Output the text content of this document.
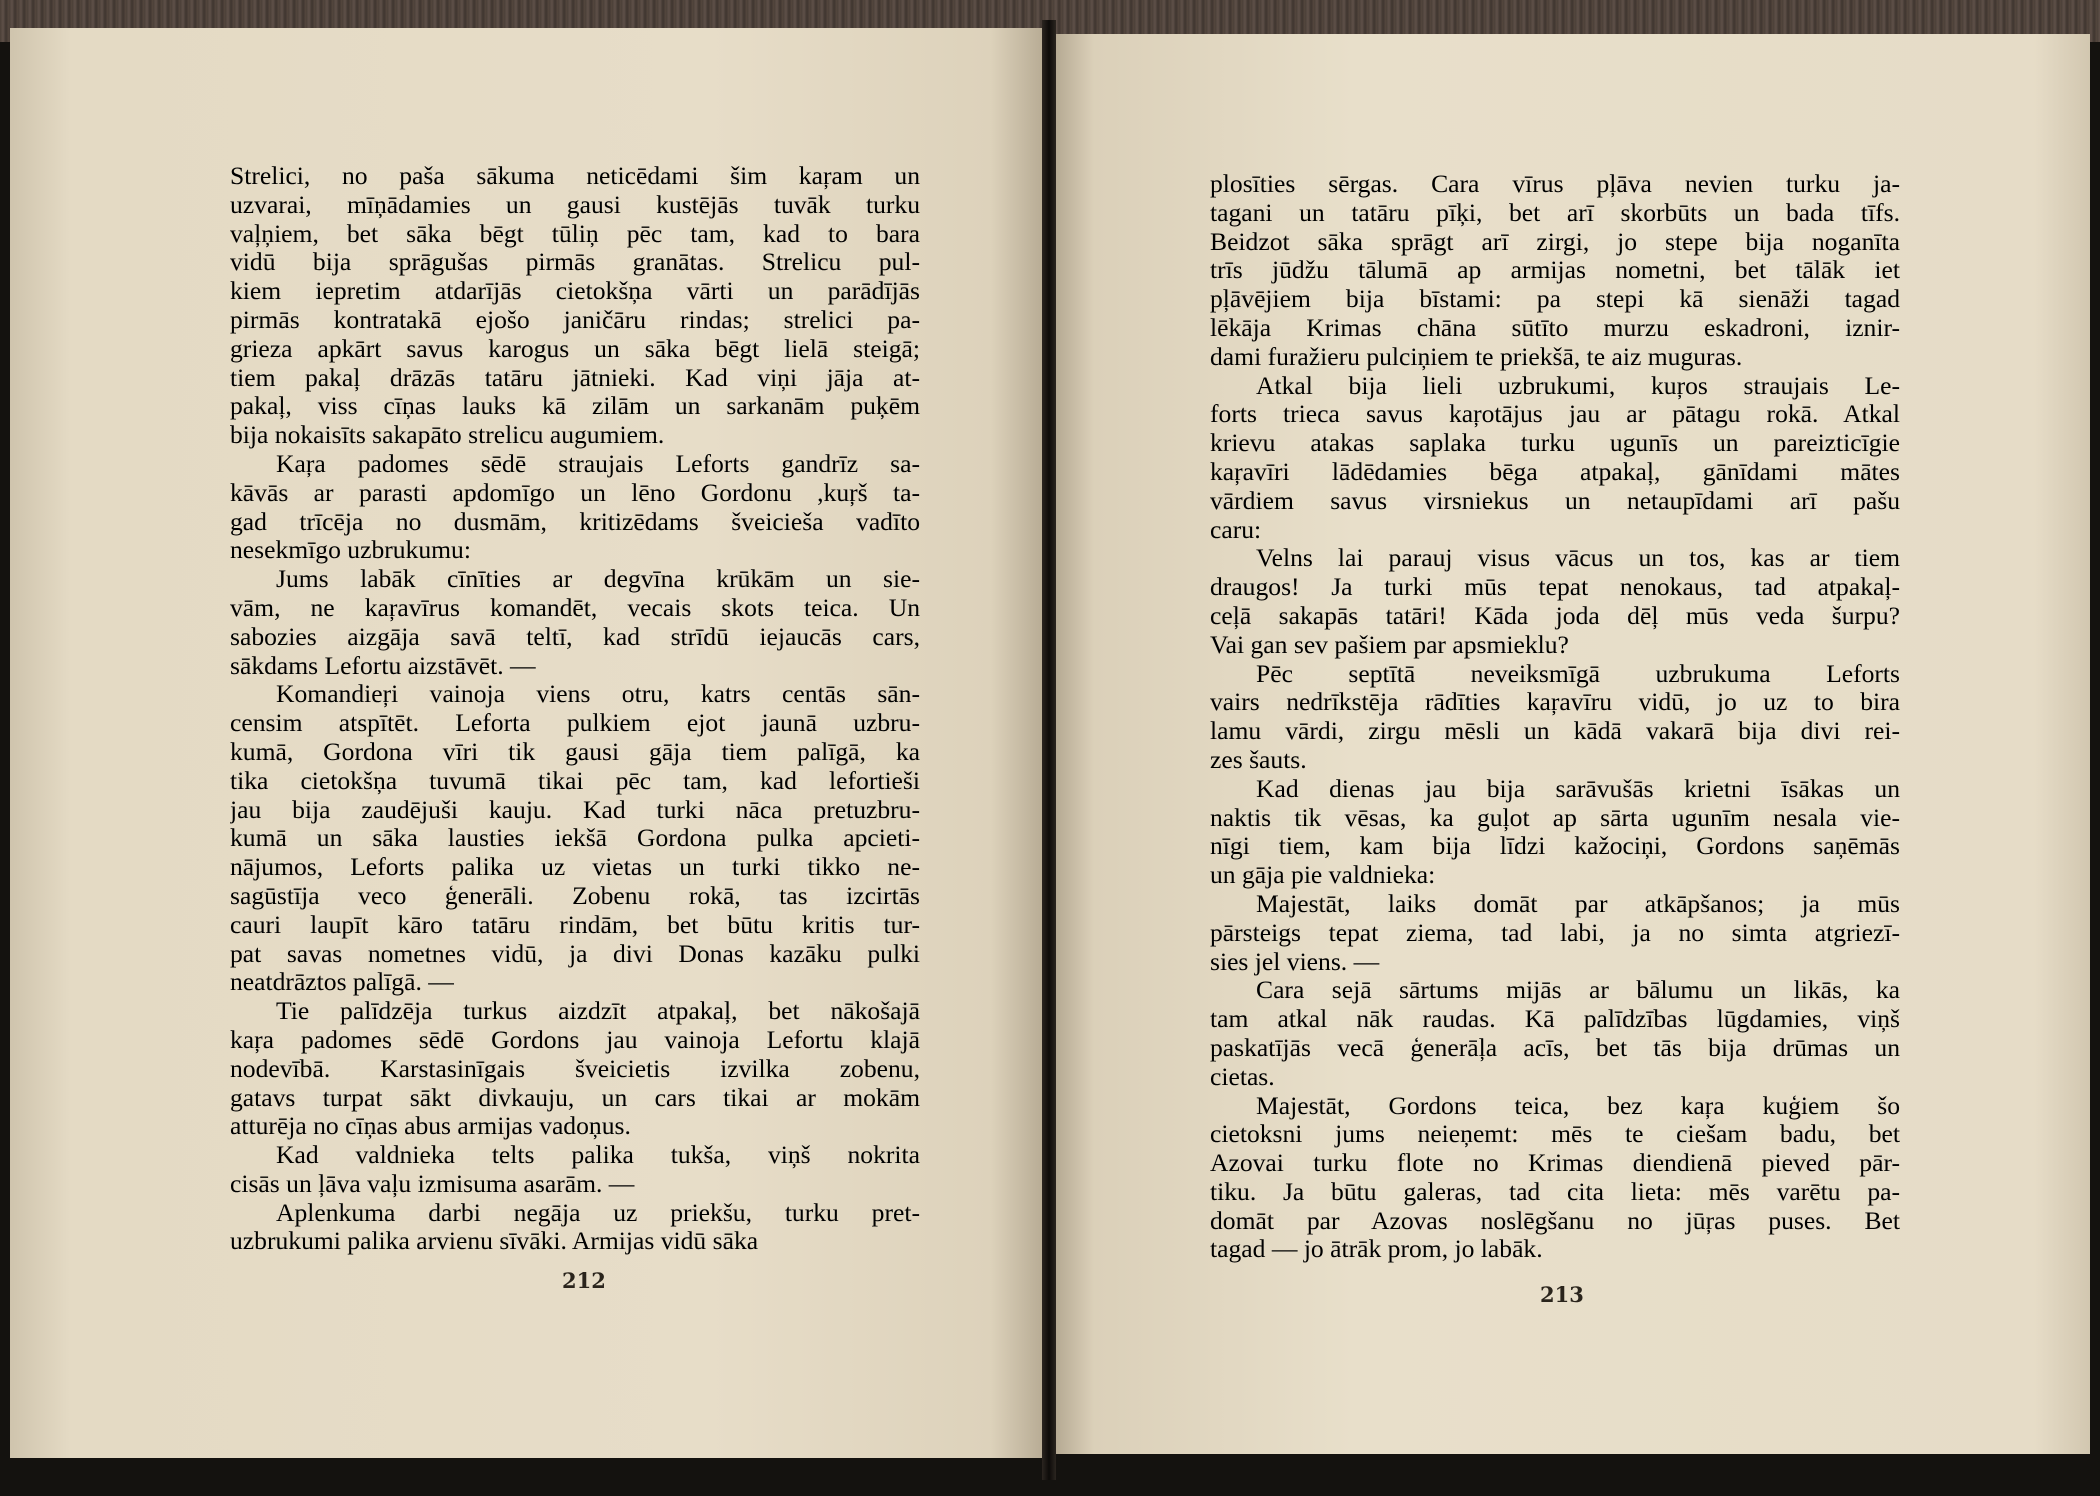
Strelici, no paša sākuma neticēdami šim kaŗam un
uzvarai, mīņādamies un gausi kustējās tuvāk turku
vaļņiem, bet sāka bēgt tūliņ pēc tam, kad to bara
vidū bija sprāgušas pirmās granātas. Strelicu pul-
kiem iepretim atdarījās cietokšņa vārti un parādījās
pirmās kontratakā ejošo janičāru rindas; strelici pa-
grieza apkārt savus karogus un sāka bēgt lielā steigā;
tiem pakaļ drāzās tatāru jātnieki. Kad viņi jāja at-
pakaļ, viss cīņas lauks kā zilām un sarkanām puķēm
bija nokaisīts sakapāto strelicu augumiem.
Kaŗa padomes sēdē straujais Leforts gandrīz sa-
kāvās ar parasti apdomīgo un lēno Gordonu ,kuŗš ta-
gad trīcēja no dusmām, kritizēdams šveicieša vadīto
nesekmīgo uzbrukumu:
Jums labāk cīnīties ar degvīna krūkām un sie-
vām, ne kaŗavīrus komandēt, vecais skots teica. Un
sabozies aizgāja savā teltī, kad strīdū iejaucās cars,
sākdams Lefortu aizstāvēt. —
Komandieŗi vainoja viens otru, katrs centās sān-
censim atspītēt. Leforta pulkiem ejot jaunā uzbru-
kumā, Gordona vīri tik gausi gāja tiem palīgā, ka
tika cietokšņa tuvumā tikai pēc tam, kad lefortieši
jau bija zaudējuši kauju. Kad turki nāca pretuzbru-
kumā un sāka lausties iekšā Gordona pulka apcieti-
nājumos, Leforts palika uz vietas un turki tikko ne-
sagūstīja veco ģenerāli. Zobenu rokā, tas izcirtās
cauri laupīt kāro tatāru rindām, bet būtu kritis tur-
pat savas nometnes vidū, ja divi Donas kazāku pulki
neatdrāztos palīgā. —
Tie palīdzēja turkus aizdzīt atpakaļ, bet nākošajā
kaŗa padomes sēdē Gordons jau vainoja Lefortu klajā
nodevībā. Karstasinīgais šveicietis izvilka zobenu,
gatavs turpat sākt divkauju, un cars tikai ar mokām
atturēja no cīņas abus armijas vadoņus.
Kad valdnieka telts palika tukša, viņš nokrita
cisās un ļāva vaļu izmisuma asarām. —
Aplenkuma darbi negāja uz priekšu, turku pret-
uzbrukumi palika arvienu sīvāki. Armijas vidū sāka
plosīties sērgas. Cara vīrus pļāva nevien turku ja-
tagani un tatāru pīķi, bet arī skorbūts un bada tīfs.
Beidzot sāka sprāgt arī zirgi, jo stepe bija noganīta
trīs jūdžu tālumā ap armijas nometni, bet tālāk iet
pļāvējiem bija bīstami: pa stepi kā sienāži tagad
lēkāja Krimas chāna sūtīto murzu eskadroni, iznir-
dami furažieru pulciņiem te priekšā, te aiz muguras.
Atkal bija lieli uzbrukumi, kuŗos straujais Le-
forts trieca savus kaŗotājus jau ar pātagu rokā. Atkal
krievu atakas saplaka turku ugunīs un pareizticīgie
kaŗavīri lādēdamies bēga atpakaļ, gānīdami mātes
vārdiem savus virsniekus un netaupīdami arī pašu
caru:
Velns lai parauj visus vācus un tos, kas ar tiem
draugos! Ja turki mūs tepat nenokaus, tad atpakaļ-
ceļā sakapās tatāri! Kāda joda dēļ mūs veda šurpu?
Vai gan sev pašiem par apsmieklu?
Pēc septītā neveiksmīgā uzbrukuma Leforts
vairs nedrīkstēja rādīties kaŗavīru vidū, jo uz to bira
lamu vārdi, zirgu mēsli un kādā vakarā bija divi rei-
zes šauts.
Kad dienas jau bija sarāvušās krietni īsākas un
naktis tik vēsas, ka guļot ap sārta ugunīm nesala vie-
nīgi tiem, kam bija līdzi kažociņi, Gordons saņēmās
un gāja pie valdnieka:
Majestāt, laiks domāt par atkāpšanos; ja mūs
pārsteigs tepat ziema, tad labi, ja no simta atgriezī-
sies jel viens. —
Cara sejā sārtums mijās ar bālumu un likās, ka
tam atkal nāk raudas. Kā palīdzības lūgdamies, viņš
paskatījās vecā ģenerāļa acīs, bet tās bija drūmas un
cietas.
Majestāt, Gordons teica, bez kaŗa kuģiem šo
cietoksni jums neieņemt: mēs te ciešam badu, bet
Azovai turku flote no Krimas diendienā pieved pār-
tiku. Ja būtu galeras, tad cita lieta: mēs varētu pa-
domāt par Azovas noslēgšanu no jūŗas puses. Bet
tagad — jo ātrāk prom, jo labāk.
212
213
